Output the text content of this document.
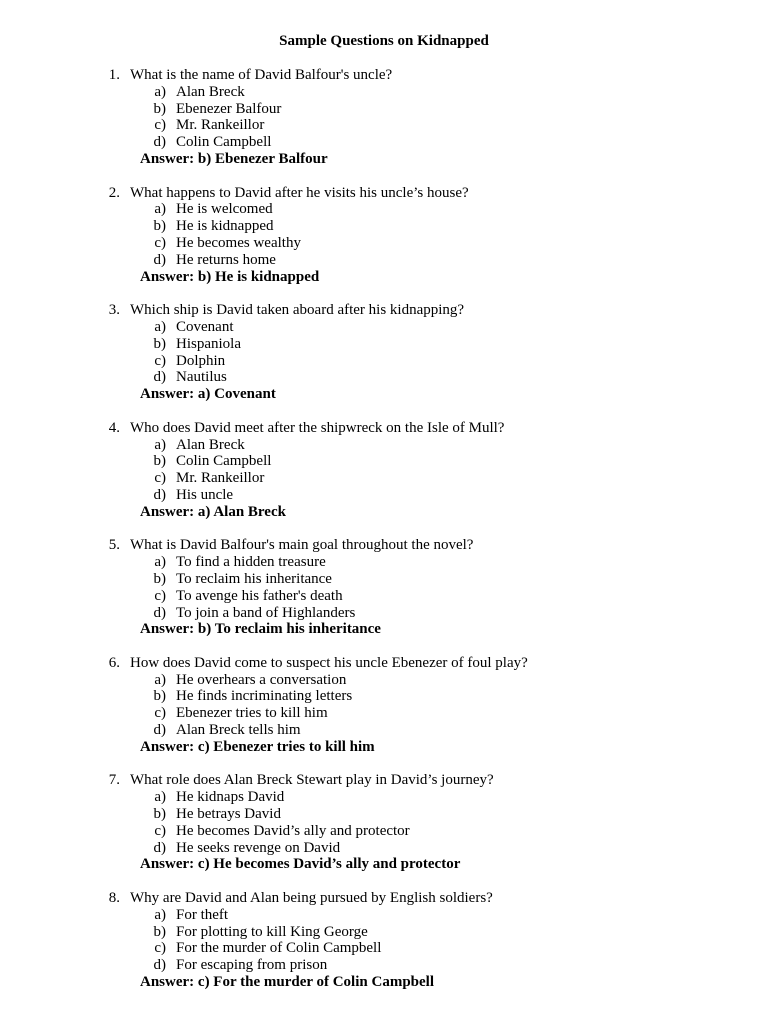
Sample Questions on Kidnapped
1. What is the name of David Balfour's uncle?
a) Alan Breck
b) Ebenezer Balfour
c) Mr. Rankeillor
d) Colin Campbell
Answer: b) Ebenezer Balfour
2. What happens to David after he visits his uncle’s house?
a) He is welcomed
b) He is kidnapped
c) He becomes wealthy
d) He returns home
Answer: b) He is kidnapped
3. Which ship is David taken aboard after his kidnapping?
a) Covenant
b) Hispaniola
c) Dolphin
d) Nautilus
Answer: a) Covenant
4. Who does David meet after the shipwreck on the Isle of Mull?
a) Alan Breck
b) Colin Campbell
c) Mr. Rankeillor
d) His uncle
Answer: a) Alan Breck
5. What is David Balfour's main goal throughout the novel?
a) To find a hidden treasure
b) To reclaim his inheritance
c) To avenge his father's death
d) To join a band of Highlanders
Answer: b) To reclaim his inheritance
6. How does David come to suspect his uncle Ebenezer of foul play?
a) He overhears a conversation
b) He finds incriminating letters
c) Ebenezer tries to kill him
d) Alan Breck tells him
Answer: c) Ebenezer tries to kill him
7. What role does Alan Breck Stewart play in David’s journey?
a) He kidnaps David
b) He betrays David
c) He becomes David’s ally and protector
d) He seeks revenge on David
Answer: c) He becomes David’s ally and protector
8. Why are David and Alan being pursued by English soldiers?
a) For theft
b) For plotting to kill King George
c) For the murder of Colin Campbell
d) For escaping from prison
Answer: c) For the murder of Colin Campbell
